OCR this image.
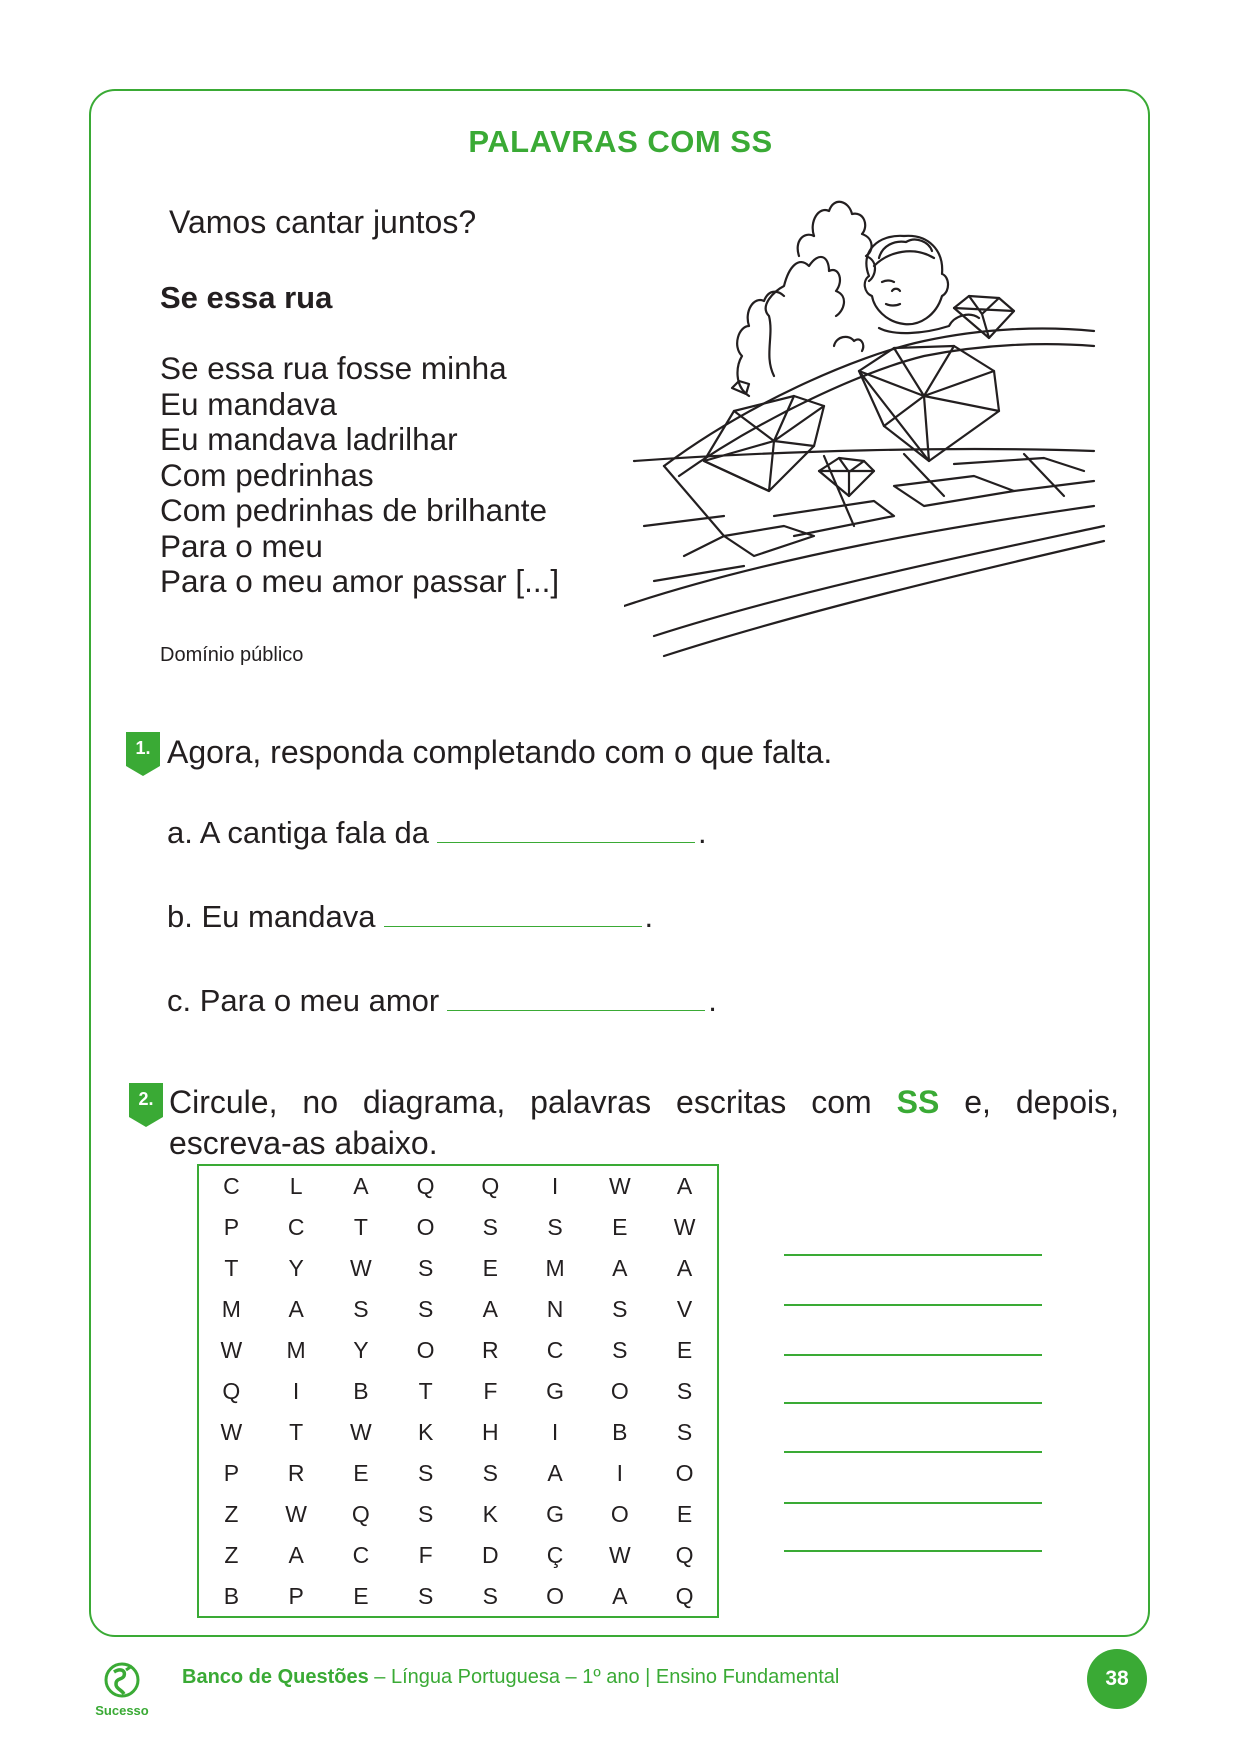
PALAVRAS COM SS
Vamos cantar juntos?
Se essa rua
Se essa rua fosse minha
Eu mandava
Eu mandava ladrilhar
Com pedrinhas
Com pedrinhas de brilhante
Para o meu
Para o meu amor passar [...]
Domínio público
1. Agora, responda completando com o que falta.
a. A cantiga fala da	.
b. Eu mandava	.
c. Para o meu amor	.
2. Circule, no diagrama, palavras escritas com SS e, depois, escreva-as abaixo.
C	L	A	Q	Q	I	W	A
P	C	T	O	S	S	E	W
T	Y	W	S	E	M	A	A
M	A	S	S	A	N	S	V
W	M	Y	O	R	C	S	E
Q	I	B	T	F	G	O	S
W	T	W	K	H	I	B	S
P	R	E	S	S	A	I	O
Z	W	Q	S	K	G	O	E
Z	A	C	F	D	Ç	W	Q
B	P	E	S	S	O	A	Q
Sucesso
Banco de Questões – Língua Portuguesa – 1º ano | Ensino Fundamental	38
